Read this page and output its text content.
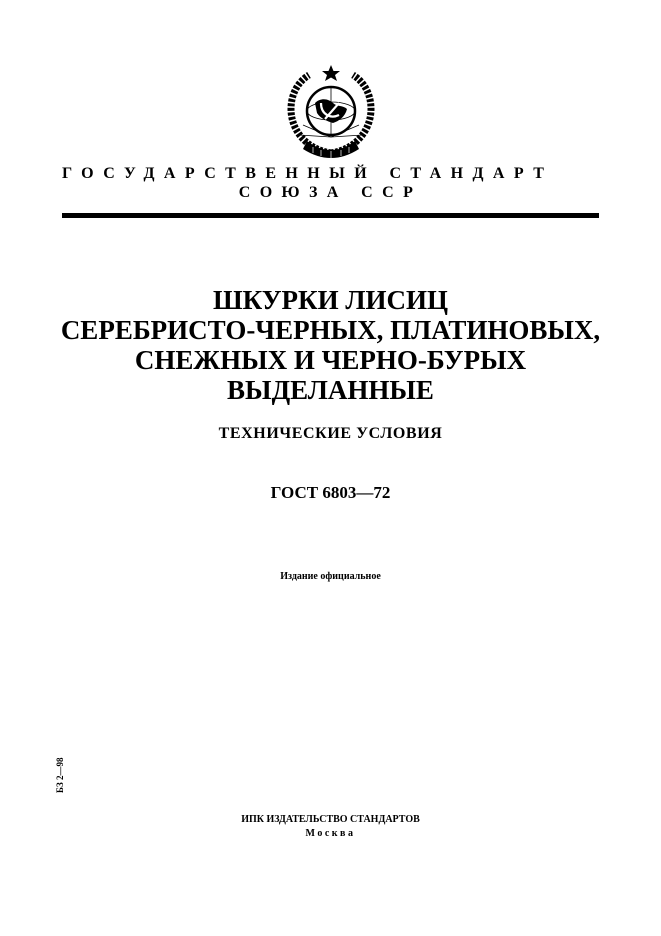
ГОСУДАРСТВЕННЫЙ СТАНДАРТ
СОЮЗА ССР
ШКУРКИ ЛИСИЦ
СЕРЕБРИСТО-ЧЕРНЫХ, ПЛАТИНОВЫХ,
СНЕЖНЫХ И ЧЕРНО-БУРЫХ
ВЫДЕЛАННЫЕ
ТЕХНИЧЕСКИЕ УСЛОВИЯ
ГОСТ 6803—72
Издание официальное
БЗ 2—98
ИПК ИЗДАТЕЛЬСТВО СТАНДАРТОВ
Москва
